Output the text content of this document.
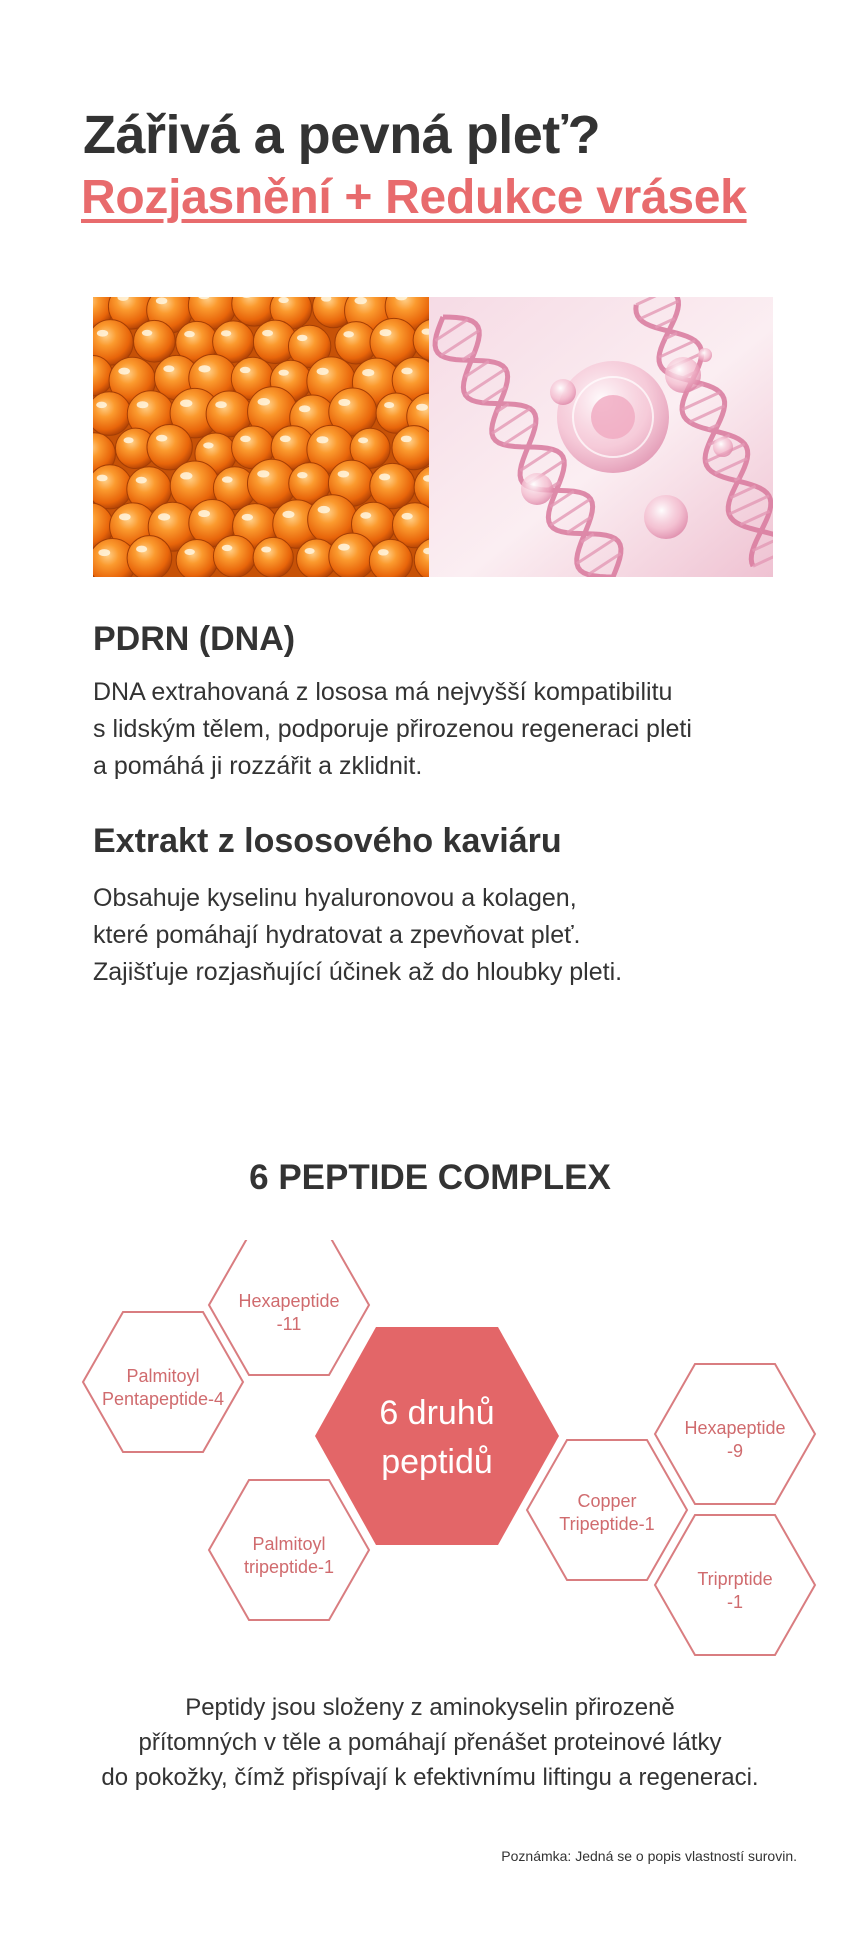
Zářivá a pevná pleť?
Rozjasnění + Redukce vrásek
PDRN (DNA)

DNA extrahovaná z lososa má nejvyšší kompatibilitu
s lidským tělem, podporuje přirozenou regeneraci pleti
a pomáhá ji rozzářit a zklidnit.

Extrakt z lososového kaviáru

Obsahuje kyselinu hyaluronovou a kolagen,
které pomáhají hydratovat a zpevňovat pleť.
Zajišťuje rozjasňující účinek až do hloubky pleti.

6 PEPTIDE COMPLEX
6 druhů
peptidů
Hexapeptide
-11
Palmitoyl
Pentapeptide-4
Palmitoyl
tripeptide-1
Copper
Tripeptide-1
Hexapeptide
-9
Triprptide
-1

Peptidy jsou složeny z aminokyselin přirozeně
přítomných v těle a pomáhají přenášet proteinové látky
do pokožky, čímž přispívají k efektivnímu liftingu a regeneraci.

Poznámka: Jedná se o popis vlastností surovin.
